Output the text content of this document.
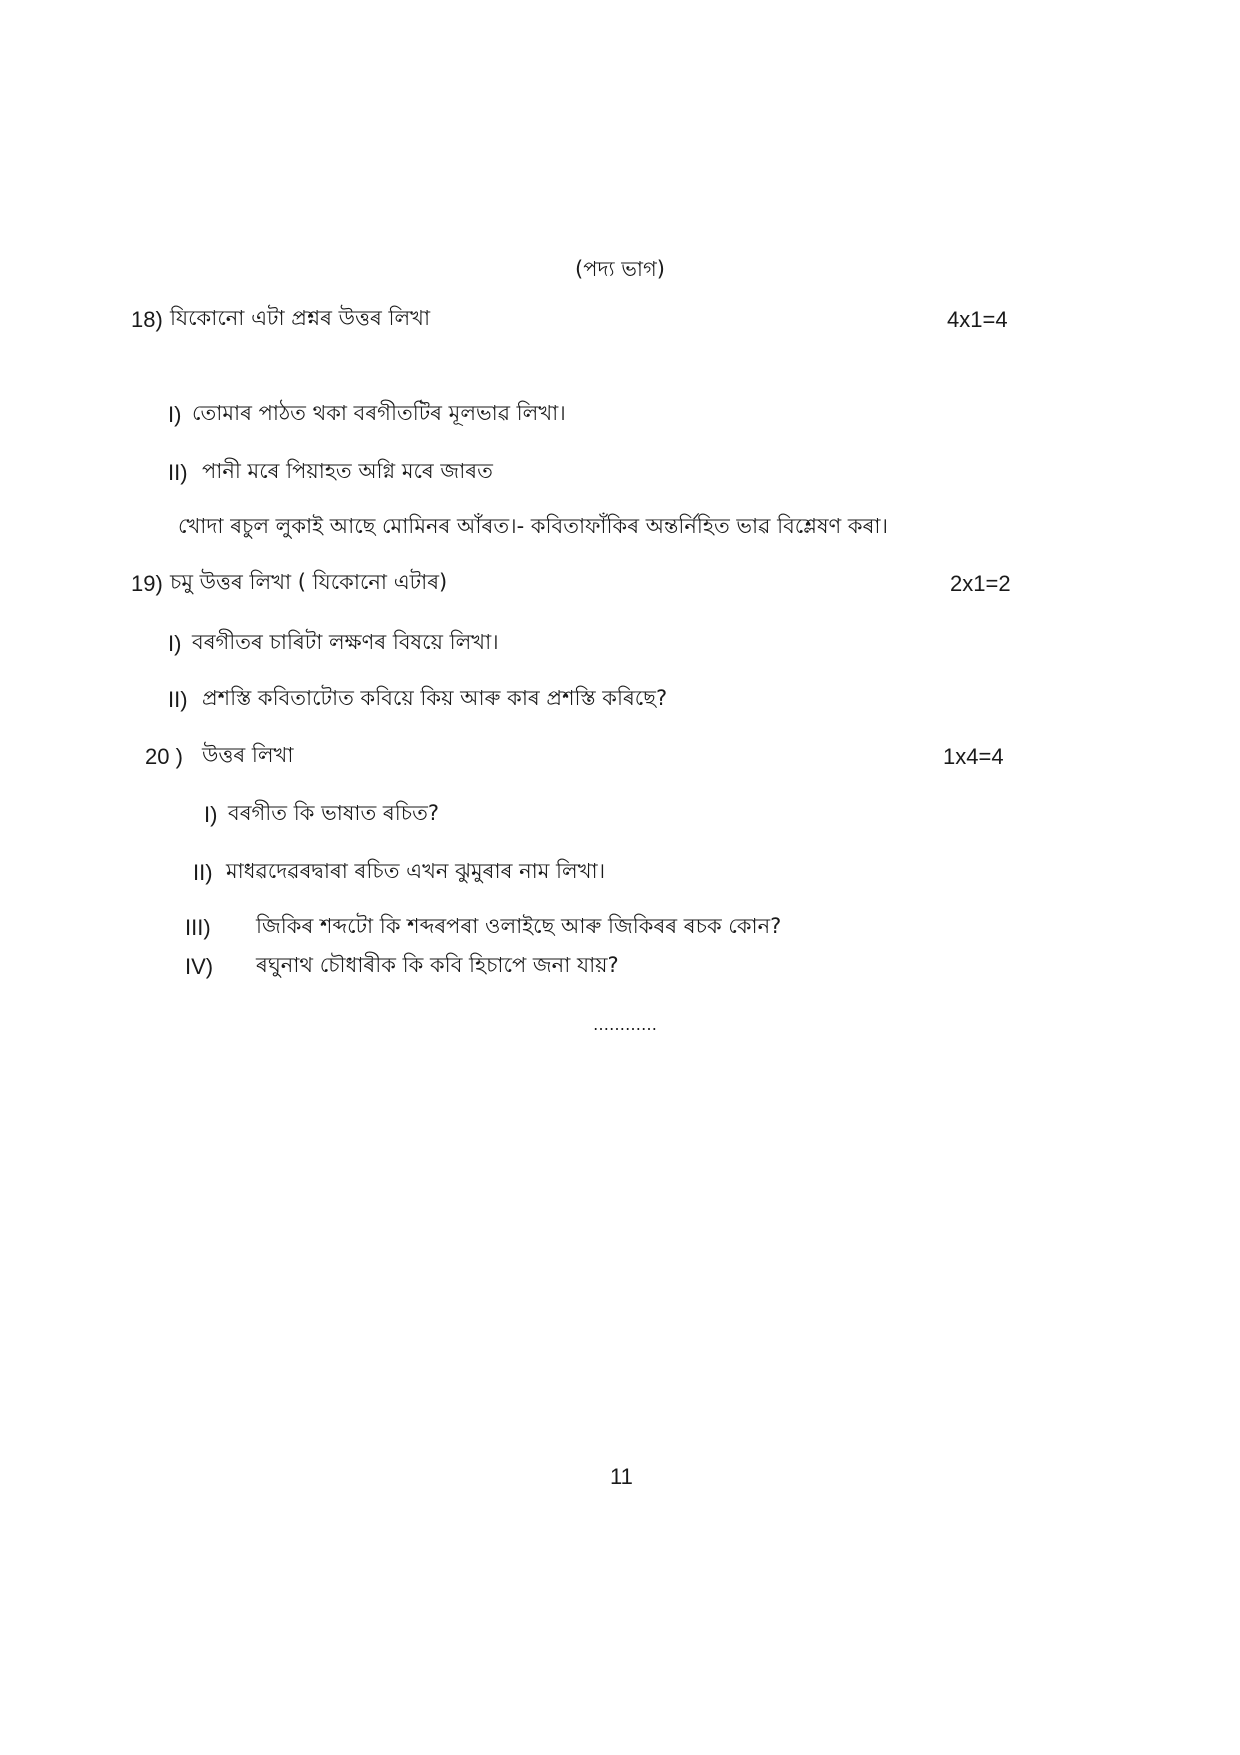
(পদ্য ভাগ)
18) যিকোনো এটা প্ৰশ্নৰ উত্তৰ লিখা	4x1=4
I) তোমাৰ পাঠত থকা বৰগীতটিৰ মূলভাৱ লিখা।
II) পানী মৰে পিয়াহত অগ্নি মৰে জাৰত
খোদা ৰচুল লুকাই আছে মোমিনৰ আঁৰত।- কবিতাফাঁকিৰ অন্তর্নিহিত ভাৱ বিশ্লেষণ কৰা।
19) চমু উত্তৰ লিখা ( যিকোনো এটাৰ)	2x1=2
I) বৰগীতৰ চাৰিটা লক্ষণৰ বিষয়ে লিখা।
II) প্ৰশস্তি কবিতাটোত কবিয়ে কিয় আৰু কাৰ প্ৰশস্তি কৰিছে?
20 ) উত্তৰ লিখা	1x4=4
I) বৰগীত কি ভাষাত ৰচিত?
II) মাধৱদেৱৰদ্বাৰা ৰচিত এখন ঝুমুৰাৰ নাম লিখা।
III) জিকিৰ শব্দটো কি শব্দৰপৰা ওলাইছে আৰু জিকিৰৰ ৰচক কোন?
IV) ৰঘুনাথ চৌধাৰীক কি কবি হিচাপে জনা যায়?
…………
11
